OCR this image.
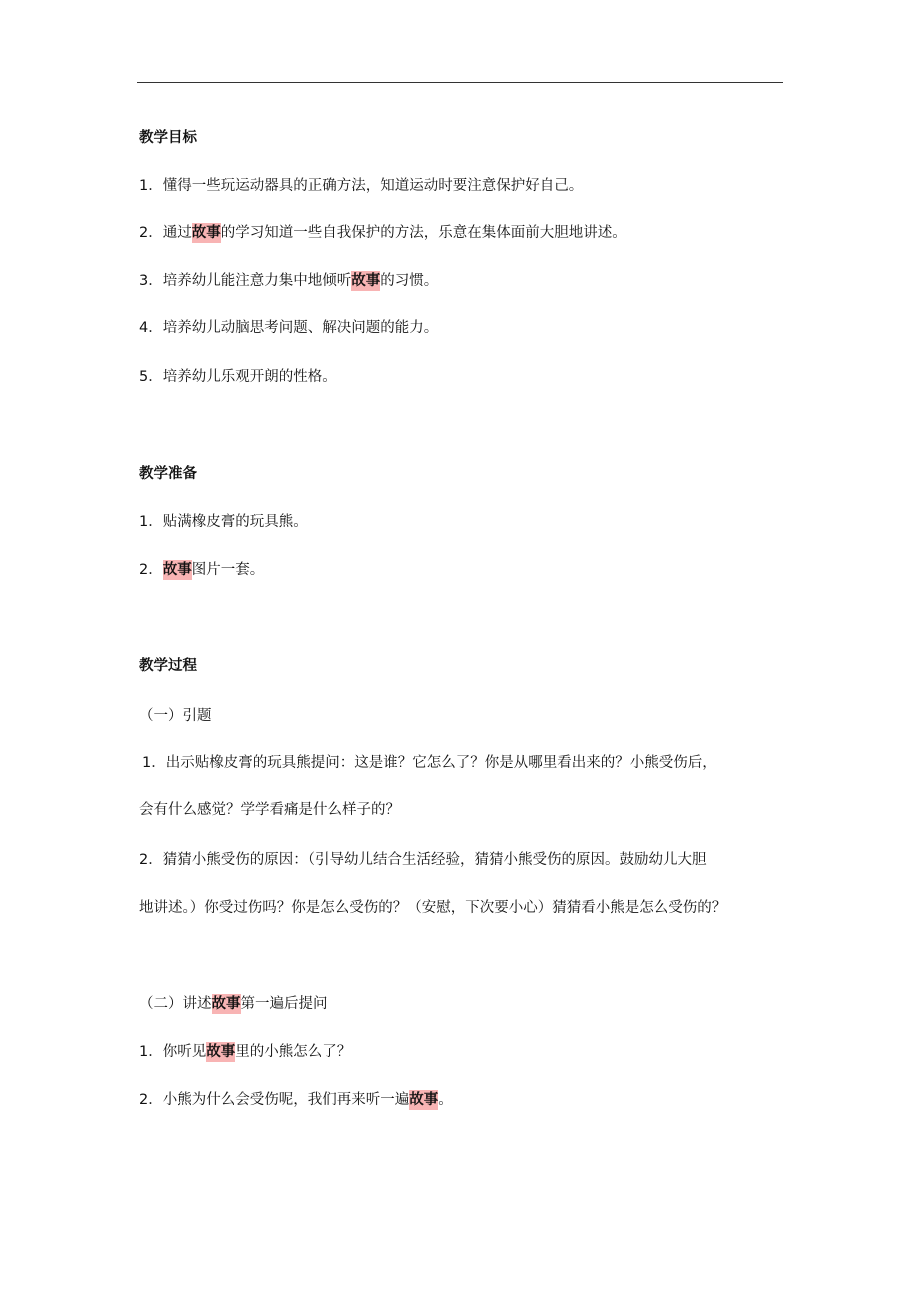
教学目标
1．懂得一些玩运动器具的正确方法，知道运动时要注意保护好自己。
2．通过故事的学习知道一些自我保护的方法，乐意在集体面前大胆地讲述。
3．培养幼儿能注意力集中地倾听故事的习惯。
4．培养幼儿动脑思考问题、解决问题的能力。
5．培养幼儿乐观开朗的性格。
教学准备
1．贴满橡皮膏的玩具熊。
2．故事图片一套。
教学过程
（一）引题
1．出示贴橡皮膏的玩具熊提问：这是谁？它怎么了？你是从哪里看出来的？小熊受伤后，
会有什么感觉？学学看痛是什么样子的？
2．猜猜小熊受伤的原因：（引导幼儿结合生活经验，猜猜小熊受伤的原因。鼓励幼儿大胆
地讲述。）你受过伤吗？你是怎么受伤的？（安慰，下次要小心）猜猜看小熊是怎么受伤的？
（二）讲述故事第一遍后提问
1．你听见故事里的小熊怎么了？
2．小熊为什么会受伤呢，我们再来听一遍故事。
